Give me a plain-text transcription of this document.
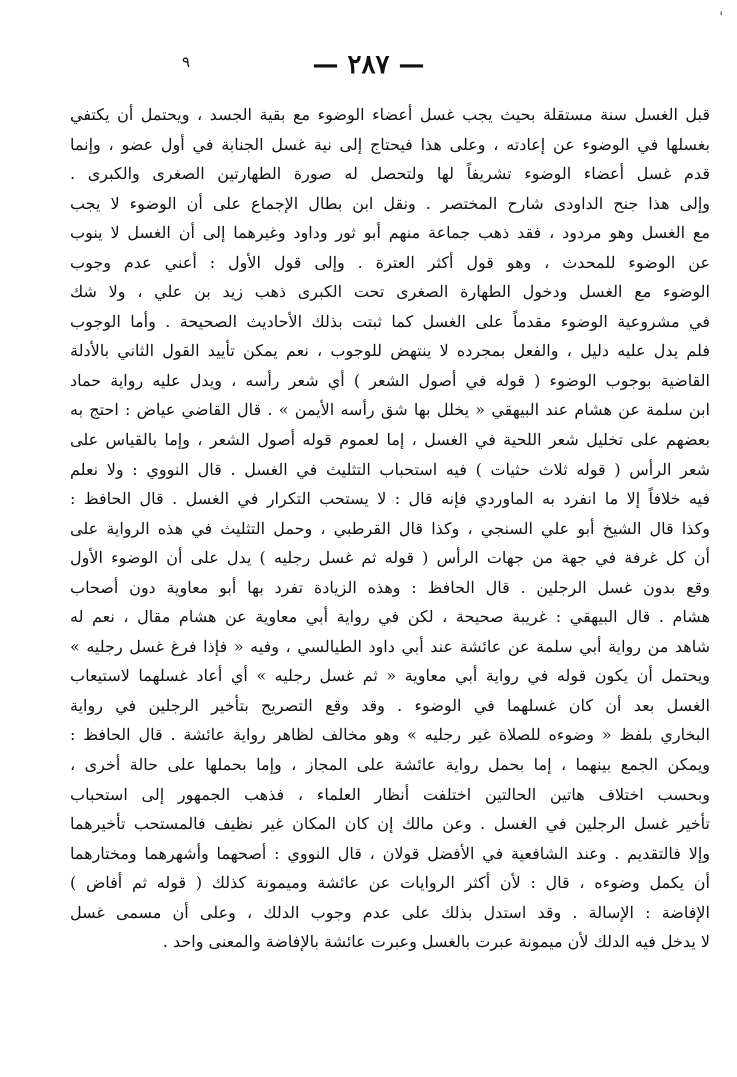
'
٩	— ٢٨٧ —
قبل الغسل سنة مستقلة بحيث يجب غسل أعضاء الوضوء مع بقية الجسد ، ويحتمل أن يكتفي
بغسلها في الوضوء عن إعادته ، وعلى هذا فيحتاج إلى نية غسل الجنابة في أول عضو ، وإنما
قدم غسل أعضاء الوضوء تشريفاً لها ولتحصل له صورة الطهارتين الصغرى والكبرى .
وإلى هذا جنح الداودى شارح المختصر . ونقل ابن بطال الإجماع على أن الوضوء لا يجب
مع الغسل وهو مردود ، فقد ذهب جماعة منهم أبو ثور وداود وغيرهما إلى أن الغسل لا ينوب
عن الوضوء للمحدث ، وهو قول أكثر العترة . وإلى قول الأول : أعني عدم وجوب
الوضوء مع الغسل ودخول الطهارة الصغرى تحت الكبرى ذهب زيد بن علي ، ولا شك
في مشروعية الوضوء مقدماً على الغسل كما ثبتت بذلك الأحاديث الصحيحة . وأما الوجوب
فلم يدل عليه دليل ، والفعل بمجرده لا ينتهض للوجوب ، نعم يمكن تأييد القول الثاني بالأدلة
القاضية بوجوب الوضوء ( قوله في أصول الشعر ) أي شعر رأسه ، ويدل عليه رواية حماد
ابن سلمة عن هشام عند البيهقي « يخلل بها شق رأسه الأيمن » . قال القاضي عياض : احتج به
بعضهم على تخليل شعر اللحية في الغسل ، إما لعموم قوله أصول الشعر ، وإما بالقياس على
شعر الرأس ( قوله ثلاث حثيات ) فيه استحباب التثليث في الغسل . قال النووي : ولا نعلم
فيه خلافاً إلا ما انفرد به الماوردي فإنه قال : لا يستحب التكرار في الغسل . قال الحافظ :
وكذا قال الشيخ أبو علي السنجي ، وكذا قال القرطبي ، وحمل التثليث في هذه الرواية على
أن كل غرفة في جهة من جهات الرأس ( قوله ثم غسل رجليه ) يدل على أن الوضوء الأول
وقع بدون غسل الرجلين . قال الحافظ : وهذه الزيادة تفرد بها أبو معاوية دون أصحاب
هشام . قال البيهقي : غريبة صحيحة ، لكن في رواية أبي معاوية عن هشام مقال ، نعم له
شاهد من رواية أبي سلمة عن عائشة عند أبي داود الطيالسي ، وفيه « فإذا فرغ غسل رجليه »
ويحتمل أن يكون قوله في رواية أبي معاوية « ثم غسل رجليه » أي أعاد غسلهما لاستيعاب
الغسل بعد أن كان غسلهما في الوضوء . وقد وقع التصريح بتأخير الرجلين في رواية
البخاري بلفظ « وضوءه للصلاة غير رجليه » وهو مخالف لظاهر رواية عائشة . قال الحافظ :
ويمكن الجمع بينهما ، إما بحمل رواية عائشة على المجاز ، وإما بحملها على حالة أخرى ،
وبحسب اختلاف هاتين الحالتين اختلفت أنظار العلماء ، فذهب الجمهور إلى استحباب
تأخير غسل الرجلين في الغسل . وعن مالك إن كان المكان غير نظيف فالمستحب تأخيرهما
وإلا فالتقديم . وعند الشافعية في الأفضل قولان ، قال النووي : أصحهما وأشهرهما ومختارهما
أن يكمل وضوءه ، قال : لأن أكثر الروايات عن عائشة وميمونة كذلك ( قوله ثم أفاض )
الإفاضة : الإسالة . وقد استدل بذلك على عدم وجوب الدلك ، وعلى أن مسمى غسل
لا يدخل فيه الدلك لأن ميمونة عبرت بالغسل وعبرت عائشة بالإفاضة والمعنى واحد .
